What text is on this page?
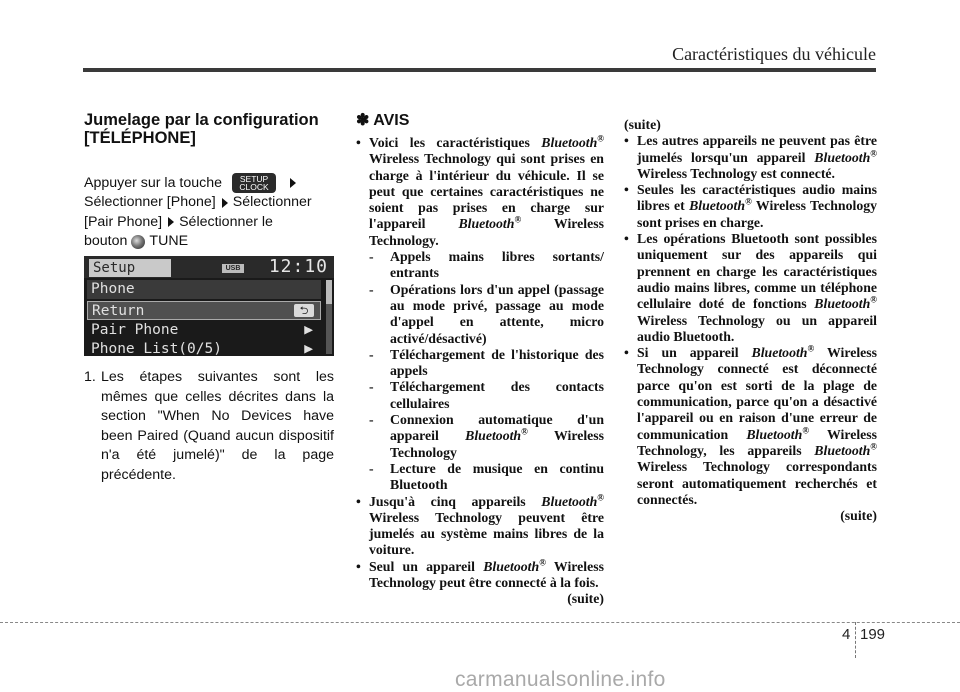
Caractéristiques du véhicule
Jumelage par la configuration
[TÉLÉPHONE]
Appuyer sur la touche	SETUP
CLOCK

Sélectionner [Phone] Sélectionner
[Pair Phone] Sélectionner le
bouton TUNE
Setup	USB 12:10
Phone
Return	⮌
Pair Phone	▶
Phone List(0/5)	▶
1. Les étapes suivantes sont les mêmes que celles décrites dans la section "When No Devices have been Paired (Quand aucun dispositif n'a été jumelé)" de la page précédente.
✽ AVIS
• Voici les caractéristiques Bluetooth® Wireless Technology qui sont prises en charge à l'intérieur du véhicule. Il se peut que certaines caractéristiques ne soient pas prises en charge sur l'appareil Bluetooth® Wireless Technology.
- Appels mains libres sortants/ entrants
- Opérations lors d'un appel (passage au mode privé, passage au mode d'appel en attente, micro activé/désactivé)
- Téléchargement de l'historique des appels
- Téléchargement des contacts cellulaires
- Connexion automatique d'un appareil Bluetooth® Wireless Technology
- Lecture de musique en continu Bluetooth
• Jusqu'à cinq appareils Bluetooth® Wireless Technology peuvent être jumelés au système mains libres de la voiture.
• Seul un appareil Bluetooth® Wireless Technology peut être connecté à la fois.
(suite)
(suite)
• Les autres appareils ne peuvent pas être jumelés lorsqu'un appareil Bluetooth® Wireless Technology est connecté.
• Seules les caractéristiques audio mains libres et Bluetooth® Wireless Technology sont prises en charge.
• Les opérations Bluetooth sont possibles uniquement sur des appareils qui prennent en charge les caractéristiques audio mains libres, comme un téléphone cellulaire doté de fonctions Bluetooth® Wireless Technology ou un appareil audio Bluetooth.
• Si un appareil Bluetooth® Wireless Technology connecté est déconnecté parce qu'on est sorti de la plage de communication, parce qu'on a désactivé l'appareil ou en raison d'une erreur de communication Bluetooth® Wireless Technology, les appareils Bluetooth® Wireless Technology correspondants seront automatiquement recherchés et connectés.
(suite)
4 199
carmanualsonline.info
